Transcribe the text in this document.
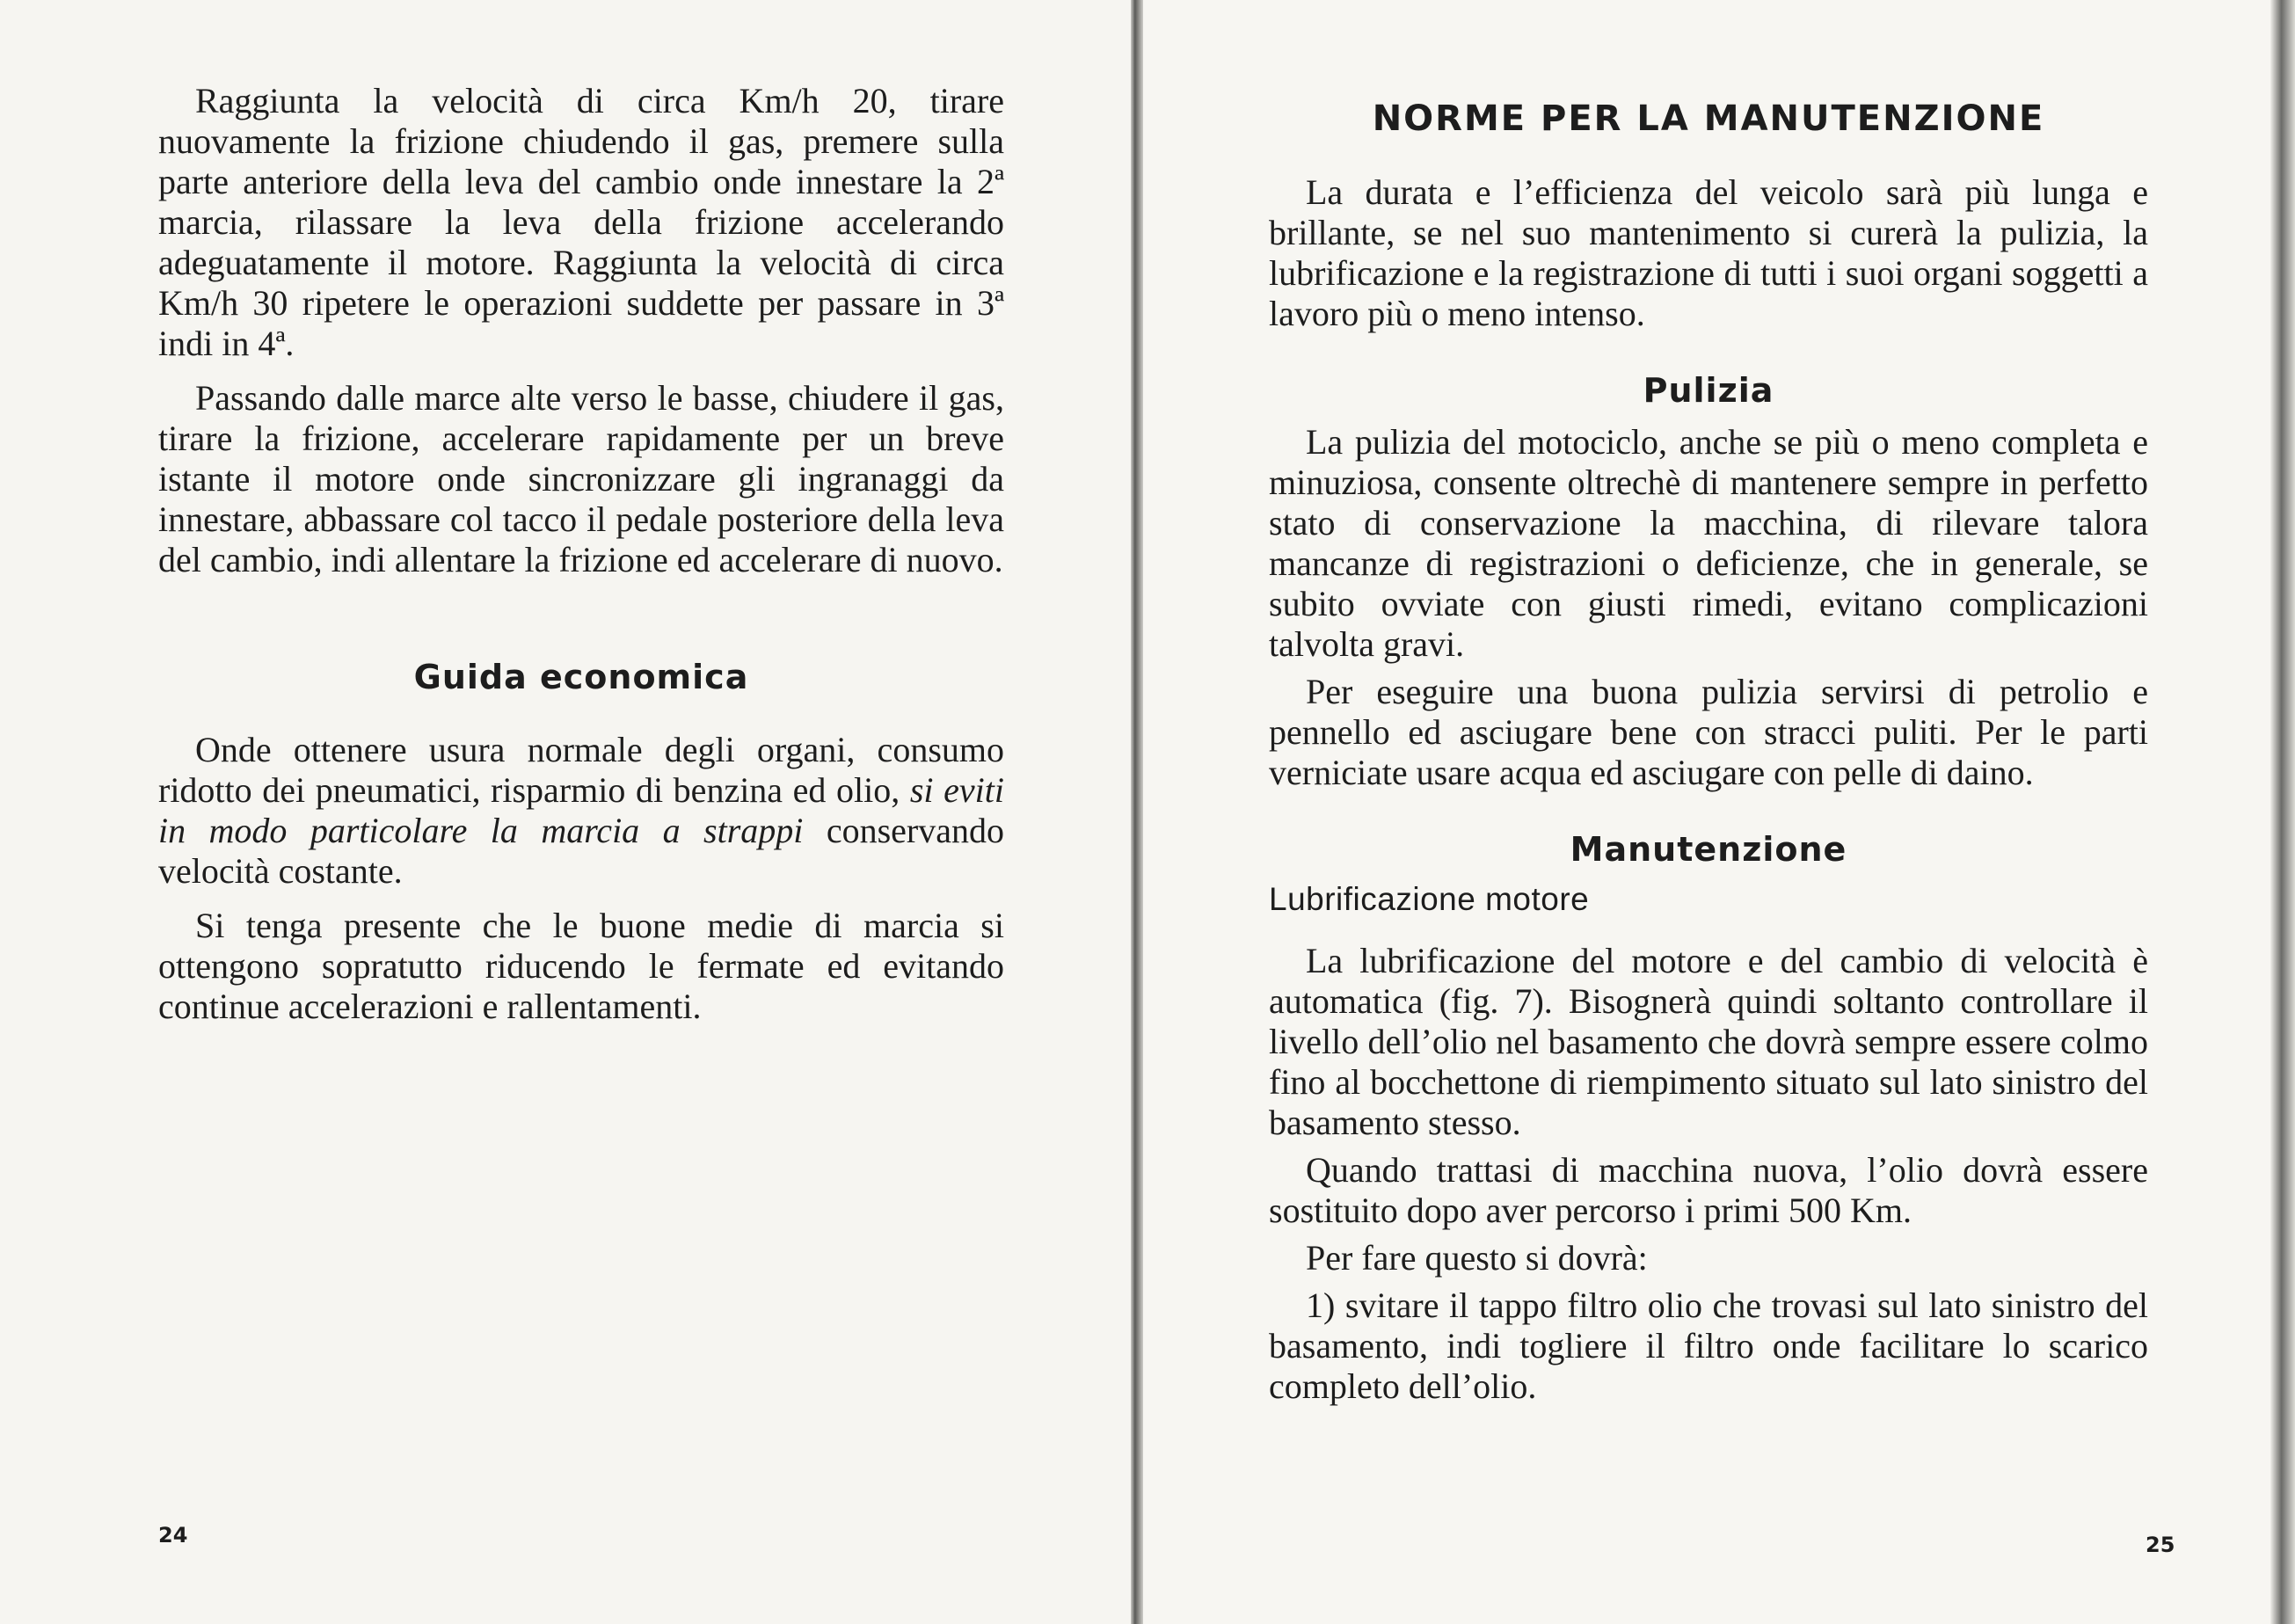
Raggiunta la velocità di circa Km/h 20, tirare nuovamente la frizione chiudendo il gas, premere sulla parte anteriore della leva del cambio onde innestare la 2ª marcia, rilassare la leva della frizione accelerando adeguatamente il motore. Raggiunta la velocità di circa Km/h 30 ripetere le operazioni suddette per passare in 3ª indi in 4ª.

Passando dalle marce alte verso le basse, chiudere il gas, tirare la frizione, accelerare rapidamente per un breve istante il motore onde sincronizzare gli ingranaggi da innestare, abbassare col tacco il pedale posteriore della leva del cambio, indi allentare la frizione ed accelerare di nuovo.

Guida economica

Onde ottenere usura normale degli organi, consumo ridotto dei pneumatici, risparmio di benzina ed olio, si eviti in modo particolare la marcia a strappi conservando velocità costante.

Si tenga presente che le buone medie di marcia si ottengono sopratutto riducendo le fermate ed evitando continue accelerazioni e rallentamenti.

24
NORME PER LA MANUTENZIONE

La durata e l’efficienza del veicolo sarà più lunga e brillante, se nel suo mantenimento si curerà la pulizia, la lubrificazione e la registrazione di tutti i suoi organi soggetti a lavoro più o meno intenso.

Pulizia

La pulizia del motociclo, anche se più o meno completa e minuziosa, consente oltrechè di mantenere sempre in perfetto stato di conservazione la macchina, di rilevare talora mancanze di registrazioni o deficienze, che in generale, se subito ovviate con giusti rimedi, evitano complicazioni talvolta gravi.

Per eseguire una buona pulizia servirsi di petrolio e pennello ed asciugare bene con stracci puliti. Per le parti verniciate usare acqua ed asciugare con pelle di daino.

Manutenzione
Lubrificazione motore

La lubrificazione del motore e del cambio di velocità è automatica (fig. 7). Bisognerà quindi soltanto controllare il livello dell’olio nel basamento che dovrà sempre essere colmo fino al bocchettone di riempimento situato sul lato sinistro del basamento stesso.

Quando trattasi di macchina nuova, l’olio dovrà essere sostituito dopo aver percorso i primi 500 Km.

Per fare questo si dovrà:

1) svitare il tappo filtro olio che trovasi sul lato sinistro del basamento, indi togliere il filtro onde facilitare lo scarico completo dell’olio.

25
